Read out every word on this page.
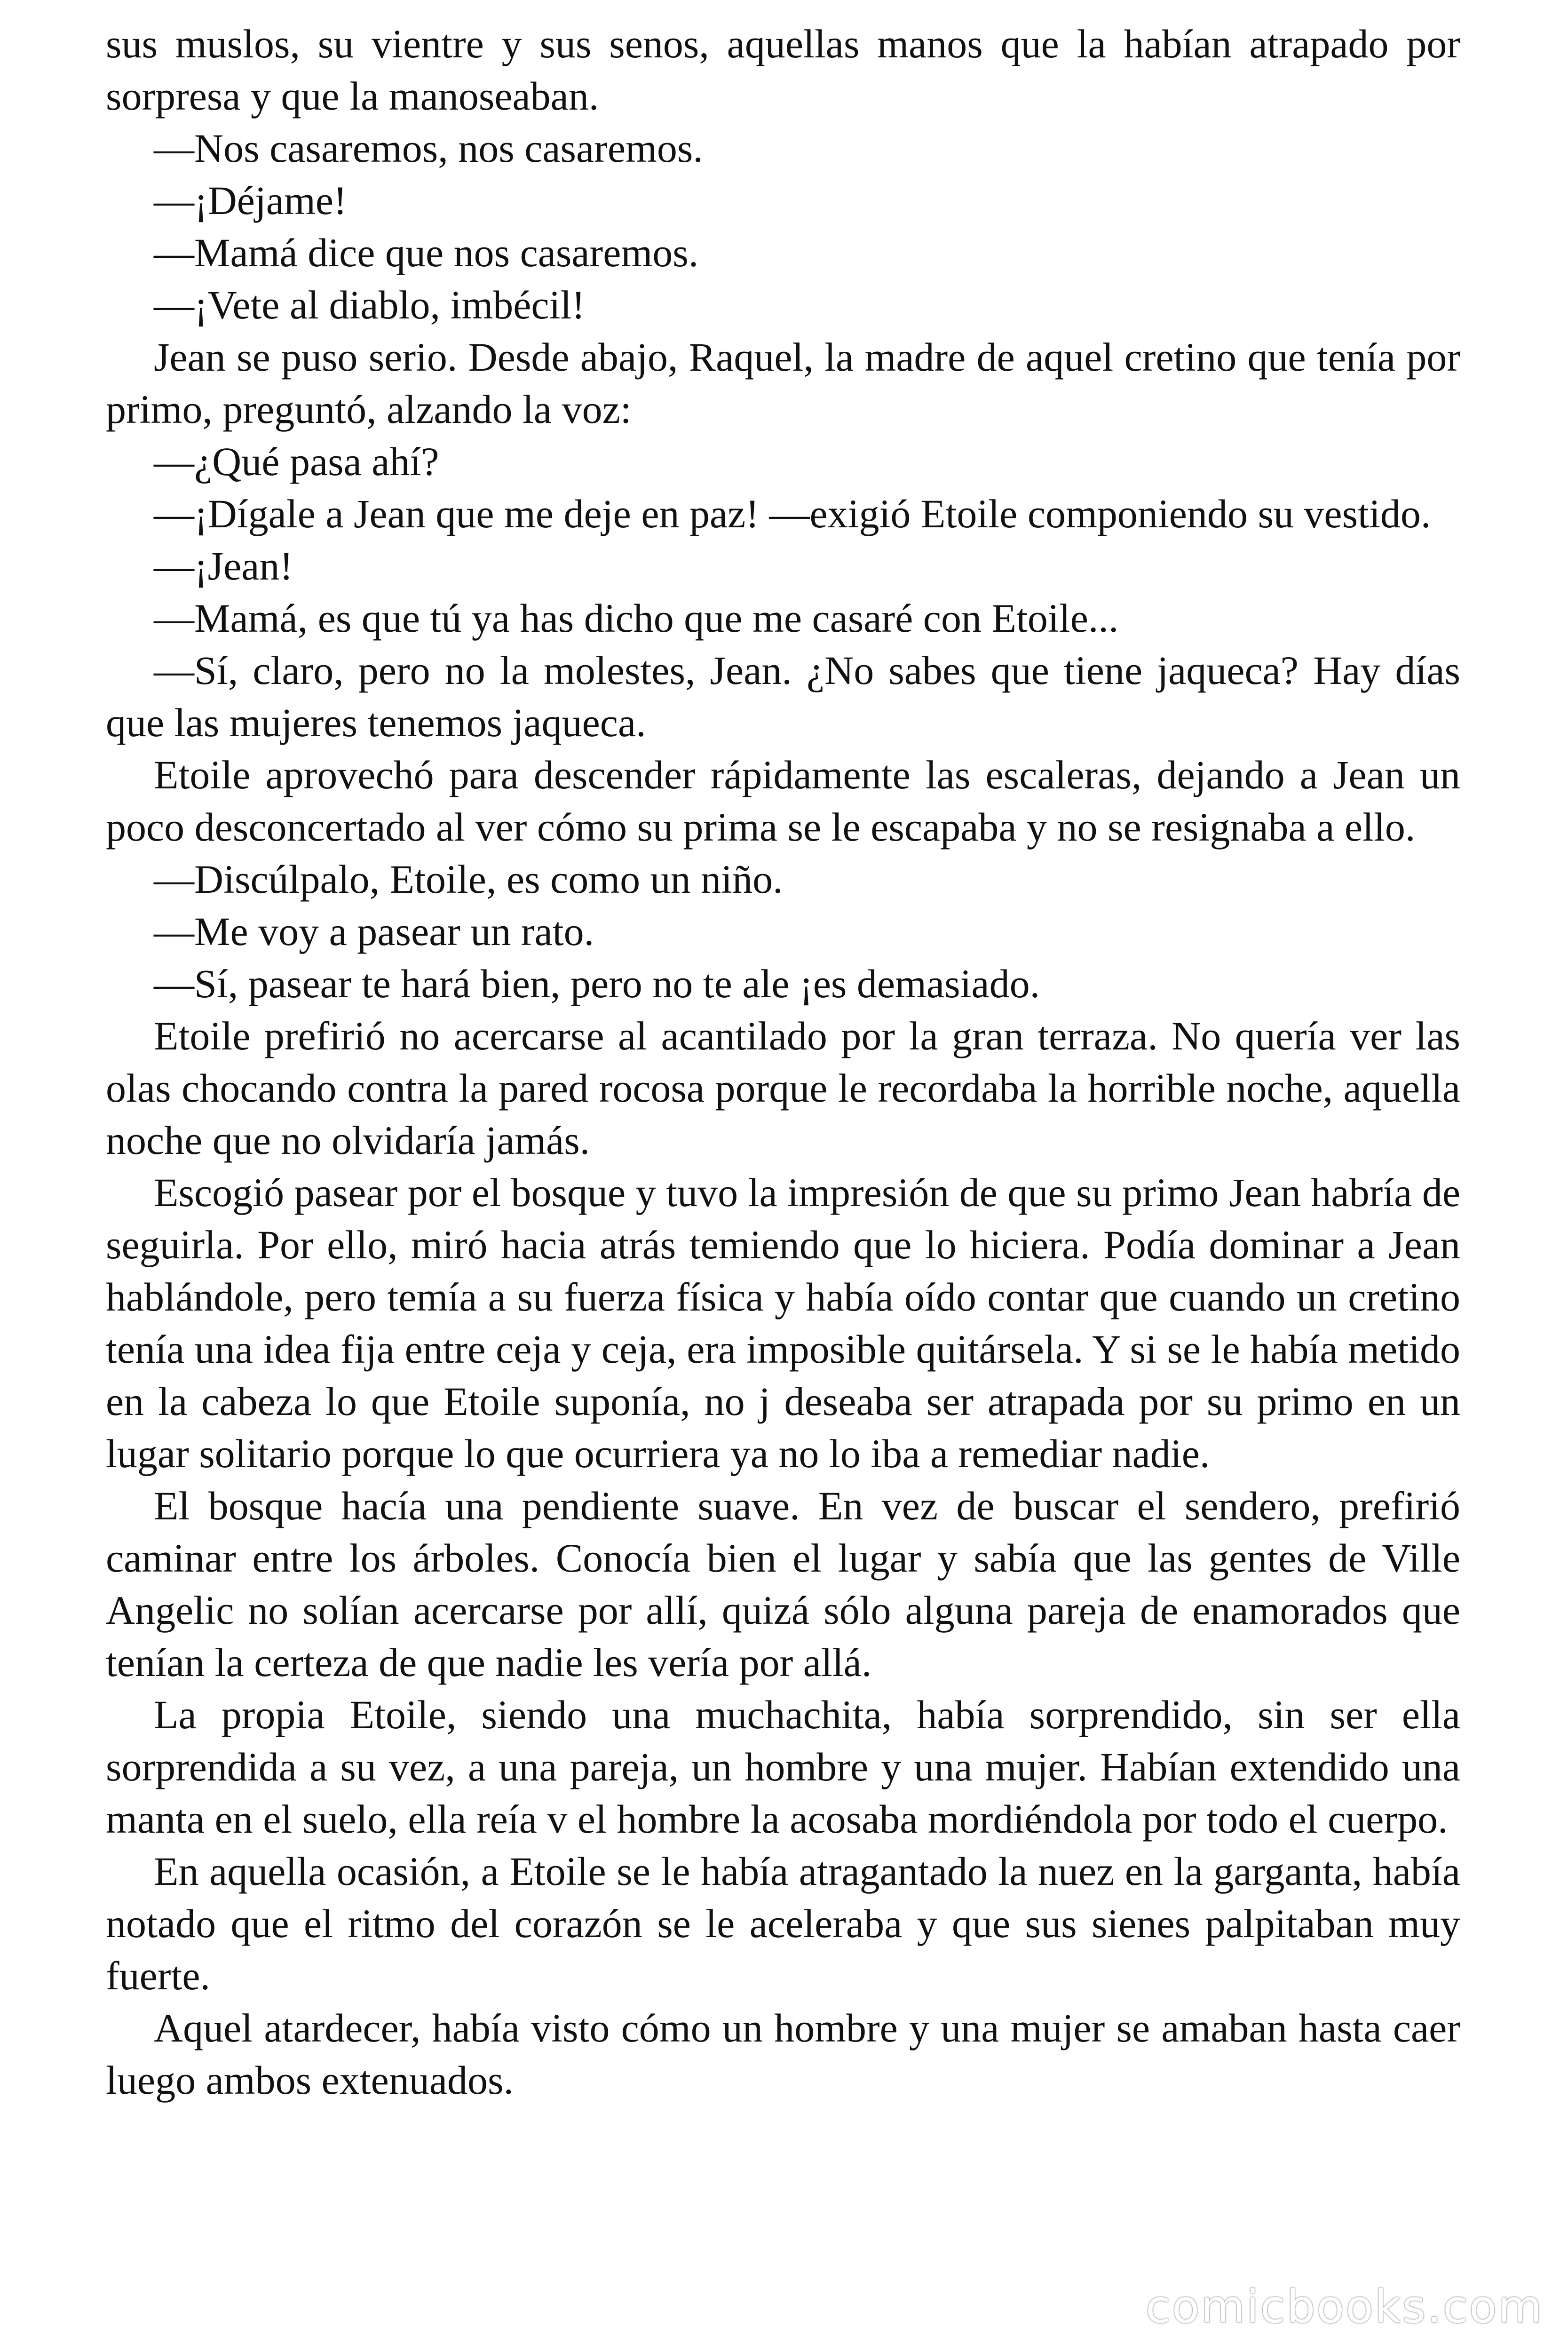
sus muslos, su vientre y sus senos, aquellas manos que la habían atrapado por sorpresa y que la manoseaban.

—Nos casaremos, nos casaremos.

—¡Déjame!

—Mamá dice que nos casaremos.

—¡Vete al diablo, imbécil!

Jean se puso serio. Desde abajo, Raquel, la madre de aquel cretino que tenía por primo, preguntó, alzando la voz:

—¿Qué pasa ahí?

—¡Dígale a Jean que me deje en paz! —exigió Etoile componiendo su vestido.

—¡Jean!

—Mamá, es que tú ya has dicho que me casaré con Etoile...

—Sí, claro, pero no la molestes, Jean. ¿No sabes que tiene jaqueca? Hay días que las mujeres tenemos jaqueca.

Etoile aprovechó para descender rápidamente las escaleras, dejando a Jean un poco desconcertado al ver cómo su prima se le escapaba y no se resignaba a ello.

—Discúlpalo, Etoile, es como un niño.

—Me voy a pasear un rato.

—Sí, pasear te hará bien, pero no te ale ¡es demasiado.

Etoile prefirió no acercarse al acantilado por la gran terraza. No quería ver las olas chocando contra la pared rocosa porque le recordaba la horrible noche, aquella noche que no olvidaría jamás.

Escogió pasear por el bosque y tuvo la impresión de que su primo Jean habría de seguirla. Por ello, miró hacia atrás temiendo que lo hiciera. Podía dominar a Jean hablándole, pero temía a su fuerza física y había oído contar que cuando un cretino tenía una idea fija entre ceja y ceja, era imposible quitársela. Y si se le había metido en la cabeza lo que Etoile suponía, no j deseaba ser atrapada por su primo en un lugar solitario porque lo que ocurriera ya no lo iba a remediar nadie.

El bosque hacía una pendiente suave. En vez de buscar el sendero, prefirió caminar entre los árboles. Conocía bien el lugar y sabía que las gentes de Ville Angelic no solían acercarse por allí, quizá sólo alguna pareja de enamorados que tenían la certeza de que nadie les vería por allá.

La propia Etoile, siendo una muchachita, había sorprendido, sin ser ella sorprendida a su vez, a una pareja, un hombre y una mujer. Habían extendido una manta en el suelo, ella reía v el hombre la acosaba mordiéndola por todo el cuerpo.

En aquella ocasión, a Etoile se le había atragantado la nuez en la garganta, había notado que el ritmo del corazón se le aceleraba y que sus sienes palpitaban muy fuerte.

Aquel atardecer, había visto cómo un hombre y una mujer se amaban hasta caer luego ambos extenuados.

comicbooks.com
